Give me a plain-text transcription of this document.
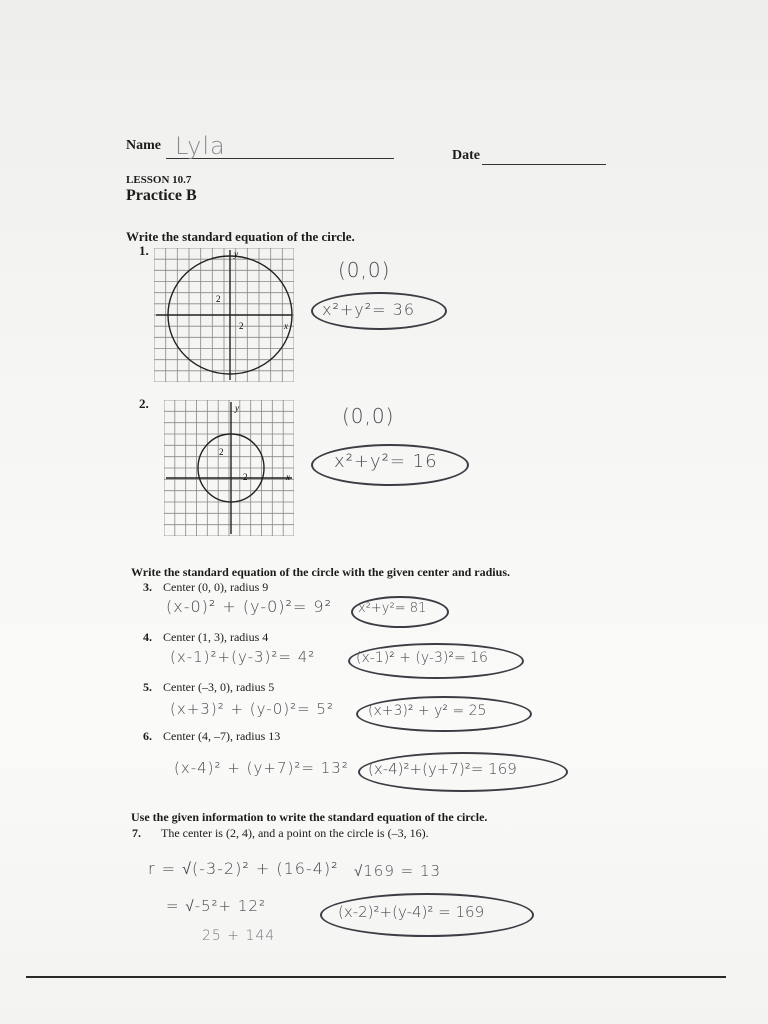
Name Lyla	Date
LESSON 10.7
Practice B
Write the standard equation of the circle.
1.	y
x
2
2
(0,0)
x²+y²= 36
2.	y
x
2
2
(0,0)
x²+y²= 16
Write the standard equation of the circle with the given center and radius.
3. Center (0, 0), radius 9
(x-0)² + (y-0)²= 9² x²+y²= 81
4. Center (1, 3), radius 4
(x-1)²+(y-3)²= 4²	(x-1)² + (y-3)²= 16
5. Center (–3, 0), radius 5
(x+3)² + (y-0)²= 5² (x+3)² + y² = 25
6. Center (4, –7), radius 13
(x-4)² + (y+7)²= 13² (x-4)²+(y+7)²= 169
Use the given information to write the standard equation of the circle.
7. The center is (2, 4), and a point on the circle is (–3, 16).
r = √(-3-2)² + (16-4)² √169 = 13
= √-5²+ 12²
25 + 144
(x-2)²+(y-4)² = 169
